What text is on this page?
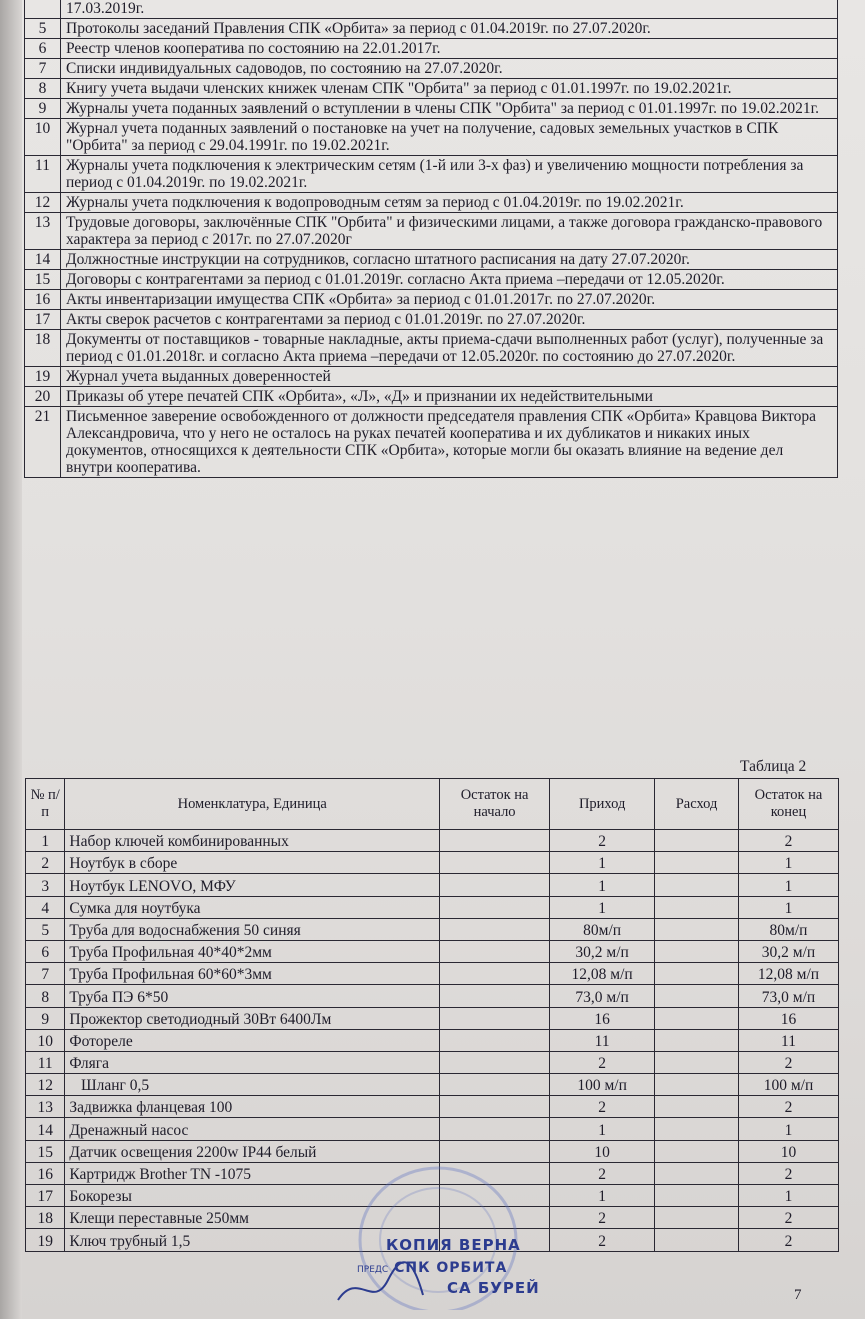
	17.03.2019г.
5	Протоколы заседаний Правления СПК «Орбита» за период с 01.04.2019г. по 27.07.2020г.
6	Реестр членов кооператива по состоянию на 22.01.2017г.
7	Списки индивидуальных садоводов, по состоянию на 27.07.2020г.
8	Книгу учета выдачи членских книжек членам СПК "Орбита" за период с 01.01.1997г. по 19.02.2021г.
9	Журналы учета поданных заявлений о вступлении в члены СПК "Орбита" за период с 01.01.1997г. по 19.02.2021г.
10	Журнал учета поданных заявлений о постановке на учет на получение, садовых земельных участков в СПК "Орбита" за период с 29.04.1991г. по 19.02.2021г.
11	Журналы учета подключения к электрическим сетям (1-й или 3-х фаз) и увеличению мощности потребления за период с 01.04.2019г. по 19.02.2021г.
12	Журналы учета подключения к водопроводным сетям за период с 01.04.2019г. по 19.02.2021г.
13	Трудовые договоры, заключённые СПК "Орбита" и физическими лицами, а также договора гражданско-правового характера за период с 2017г. по 27.07.2020г
14	Должностные инструкции на сотрудников, согласно штатного расписания на дату 27.07.2020г.
15	Договоры с контрагентами за период с 01.01.2019г. согласно Акта приема –передачи от 12.05.2020г.
16	Акты инвентаризации имущества СПК «Орбита» за период с 01.01.2017г. по 27.07.2020г.
17	Акты сверок расчетов с контрагентами за период с 01.01.2019г. по 27.07.2020г.
18	Документы от поставщиков - товарные накладные, акты приема-сдачи выполненных работ (услуг), полученные за период с 01.01.2018г. и согласно Акта приема –передачи от 12.05.2020г. по состоянию до 27.07.2020г.
19	Журнал учета выданных доверенностей
20	Приказы об утере печатей СПК «Орбита», «Л», «Д» и признании их недействительными
21	Письменное заверение освобожденного от должности председателя правления СПК «Орбита» Кравцова Виктора Александровича, что у него не осталось на руках печатей кооператива и их дубликатов и никаких иных документов, относящихся к деятельности СПК «Орбита», которые могли бы оказать влияние на ведение дел внутри кооператива.
Таблица 2
№ п/п	Номенклатура, Единица	Остаток на начало	Приход	Расход	Остаток на конец
1	Набор ключей комбинированных		2		2
2	Ноутбук в сборе		1		1
3	Ноутбук LENOVO, МФУ		1		1
4	Сумка для ноутбука		1		1
5	Труба для водоснабжения 50 синяя		80м/п		80м/п
6	Труба Профильная 40*40*2мм		30,2 м/п		30,2 м/п
7	Труба Профильная 60*60*3мм		12,08 м/п		12,08 м/п
8	Труба ПЭ 6*50		73,0 м/п		73,0 м/п
9	Прожектор светодиодный 30Вт 6400Лм		16		16
10	Фотореле		11		11
11	Фляга		2		2
12	Шланг 0,5		100 м/п		100 м/п
13	Задвижка фланцевая 100		2		2
14	Дренажный насос		1		1
15	Датчик освещения 2200w IP44 белый		10		10
16	Картридж Brother TN -1075		2		2
17	Бокорезы		1		1
18	Клещи переставные 250мм		2		2
19	Ключ трубный 1,5		2		2
КОПИЯ ВЕРНА
ПРЕДС СПК ОРБИТА
СА БУРЕЙ	7
